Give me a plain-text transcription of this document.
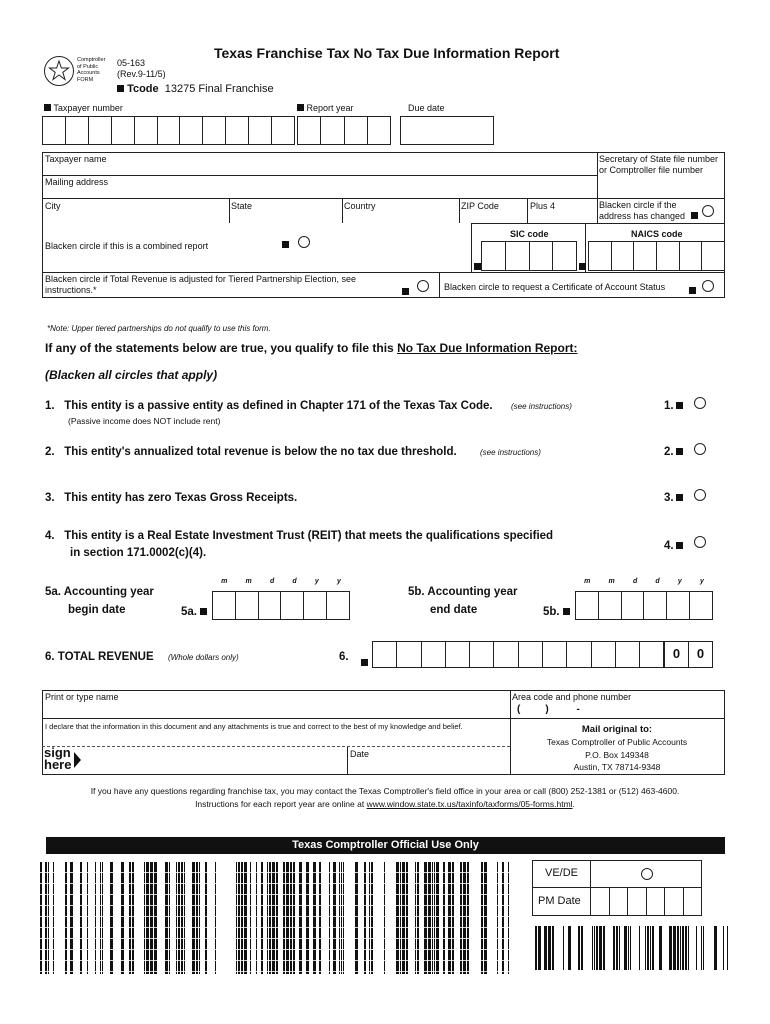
Comptroller
of Public
Accounts
FORM
05-163
(Rev.9-11/5)
Tcode 13275 Final Franchise
Texas Franchise Tax No Tax Due Information Report
Taxpayer number	Report year	Due date
Taxpayer name	Secretary of State file number or Comptroller file number
Mailing address
City	State	Country	ZIP Code	Plus 4	Blacken circle if the address has changed
Blacken circle if this is a combined report
SIC code	NAICS code
Blacken circle if Total Revenue is adjusted for Tiered Partnership Election, see instructions.*	Blacken circle to request a Certificate of Account Status
*Note: Upper tiered partnerships do not qualify to use this form.
If any of the statements below are true, you qualify to file this No Tax Due Information Report:
(Blacken all circles that apply)
1. This entity is a passive entity as defined in Chapter 171 of the Texas Tax Code. (see instructions)
(Passive income does NOT include rent)
1.
2. This entity's annualized total revenue is below the no tax due threshold.	(see instructions)	2.
3. This entity has zero Texas Gross Receipts.	3.
4. This entity is a Real Estate Investment Trust (REIT) that meets the qualifications specified
in section 171.0002(c)(4).
4.
5a. Accounting year
begin date	5a.
m	m	d	d	y	y
5b. Accounting year
end date	5b.
m	m	d	d	y	y
6. TOTAL REVENUE (Whole dollars only)	6.	0	0
Print or type name	Area code and phone number
(         )          -
I declare that the information in this document and any attachments is true and correct to the best of my knowledge and belief.
sign
here
Date
Mail original to:
Texas Comptroller of Public Accounts
P.O. Box 149348
Austin, TX 78714-9348
If you have any questions regarding franchise tax, you may contact the Texas Comptroller's field office in your area or call (800) 252-1381 or (512) 463-4600.
Instructions for each report year are online at www.window.state.tx.us/taxinfo/taxforms/05-forms.html.
Texas Comptroller Official Use Only
VE/DE
PM Date
